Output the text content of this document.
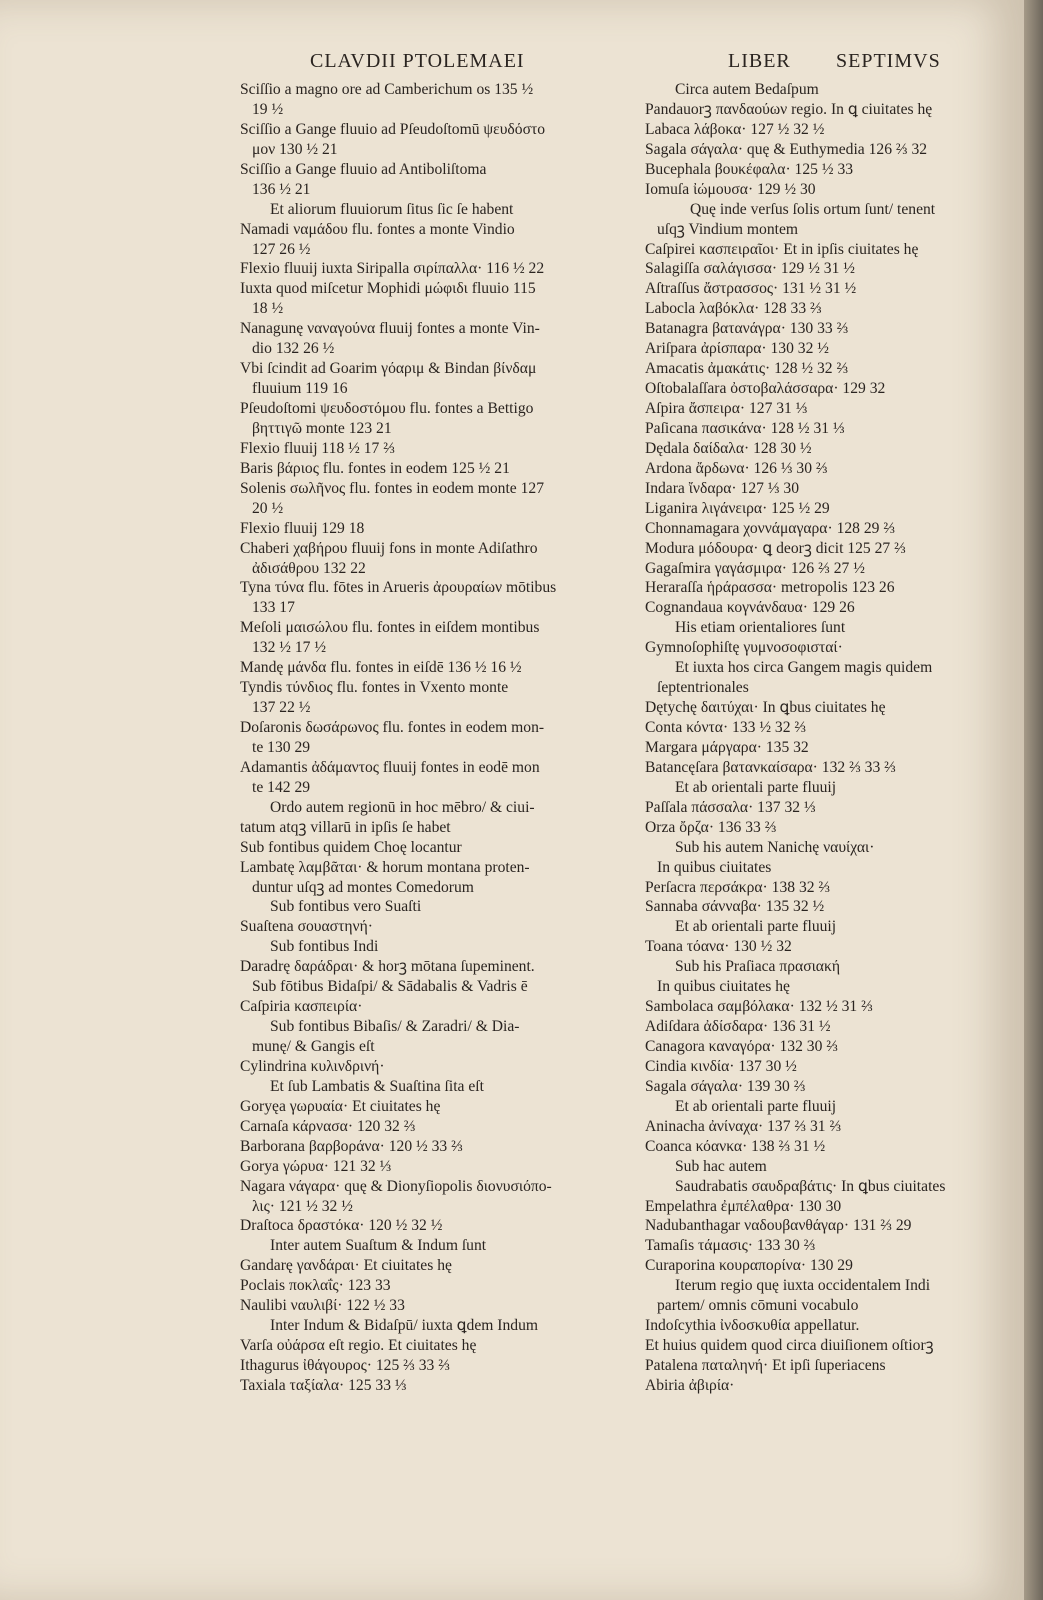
CLAVDII PTOLEMAEI	LIBER SEPTIMVS
Sciſſio a magno ore ad Camberichum os 135 ½
19 ½
Sciſſio a Gange fluuio ad Pſeudoſtomū ψευδόστο
μον 130 ½ 21
Sciſſio a Gange fluuio ad Antiboliſtoma
136 ½ 21
Et aliorum fluuiorum ſitus ſic ſe habent
Namadi ναμάδου flu. fontes a monte Vindio
127 26 ½
Flexio fluuij iuxta Siripalla σιρίπαλλα· 116 ½ 22
Iuxta quod miſcetur Mophidi μώφιδι fluuio 115
18 ½
Nanagunę ναναγούνα fluuij fontes a monte Vin-
dio 132 26 ½
Vbi ſcindit ad Goarim γόαριμ & Bindan βίνδαμ
fluuium 119 16
Pſeudoſtomi ψευδοστόμου flu. fontes a Bettigo
βηττιγῶ monte 123 21
Flexio fluuij 118 ½ 17 ⅔
Baris βάριος flu. fontes in eodem 125 ½ 21
Solenis σωλῆνος flu. fontes in eodem monte 127
20 ½
Flexio fluuij 129 18
Chaberi χαβήρου fluuij fons in monte Adiſathro
ἀδισάθρου 132 22
Tyna τύνα flu. fōtes in Arueris ἀρουραίων mōtibus
133 17
Meſoli μαισώλου flu. fontes in eiſdem montibus
132 ½ 17 ½
Mandę μάνδα flu. fontes in eiſdē 136 ½ 16 ½
Tyndis τύνδιος flu. fontes in Vxento monte
137 22 ½
Doſaronis δωσάρωνος flu. fontes in eodem mon-
te 130 29
Adamantis ἀδάμαντος fluuij fontes in eodē mon
te 142 29
Ordo autem regionū in hoc mēbro/ & ciui-
tatum atqꝫ villarū in ipſis ſe habet
Sub fontibus quidem Choę locantur
Lambatę λαμβᾶται· & horum montana proten-
duntur uſqꝫ ad montes Comedorum
Sub fontibus vero Suaſti
Suaſtena σουαστηνή·
Sub fontibus Indi
Daradrę δαράδραι· & horꝫ mōtana ſupeminent.
Sub fōtibus Bidaſpi/ & Sādabalis & Vadris ē
Caſpiria κασπειρία·
Sub fontibus Bibaſis/ & Zaradri/ & Dia-
munę/ & Gangis eſt
Cylindrina κυλινδρινή·
Et ſub Lambatis & Suaſtina ſita eſt
Goryęa γωρυαία· Et ciuitates hę
Carnaſa κάρνασα· 120 32 ⅔
Barborana βαρβοράνα· 120 ½ 33 ⅔
Gorya γώρυα· 121 32 ⅓
Nagara νάγαρα· quę & Dionyſiopolis διονυσιόπο-
λις· 121 ½ 32 ½
Draſtoca δραστόκα· 120 ½ 32 ½
Inter autem Suaſtum & Indum ſunt
Gandarę γανδάραι· Et ciuitates hę
Poclais ποκλαΐς· 123 33
Naulibi ναυλιβί· 122 ½ 33
Inter Indum & Bidaſpū/ iuxta ꝗdem Indum
Varſa οὐάρσα eſt regio. Et ciuitates hę
Ithagurus ἰθάγουρος· 125 ⅔ 33 ⅔
Taxiala ταξίαλα· 125 33 ⅓
Circa autem Bedaſpum
Pandauorꝫ πανδαούων regio. In ꝗ ciuitates hę
Labaca λάβοκα· 127 ½ 32 ½
Sagala σάγαλα· quę & Euthymedia 126 ⅔ 32
Bucephala βουκέφαλα· 125 ½ 33
Iomuſa ἰώμουσα· 129 ½ 30
Quę inde verſus ſolis ortum ſunt/ tenent
uſqꝫ Vindium montem
Caſpirei κασπειραῖοι· Et in ipſis ciuitates hę
Salagiſſa σαλάγισσα· 129 ½ 31 ½
Aſtraſſus ἄστρασσος· 131 ½ 31 ½
Labocla λαβόκλα· 128 33 ⅔
Batanagra βατανάγρα· 130 33 ⅔
Ariſpara ἀρίσπαρα· 130 32 ½
Amacatis ἀμακάτις· 128 ½ 32 ⅔
Oſtobalaſſara ὀστοβαλάσσαρα· 129 32
Aſpira ἄσπειρα· 127 31 ⅓
Paſicana πασικάνα· 128 ½ 31 ⅓
Dędala δαίδαλα· 128 30 ½
Ardona ἄρδωνα· 126 ⅓ 30 ⅔
Indara ἴνδαρα· 127 ⅓ 30
Liganira λιγάνειρα· 125 ½ 29
Chonnamagara χοννάμαγαρα· 128 29 ⅔
Modura μόδουρα· ꝗ deorꝫ dicit 125 27 ⅔
Gagaſmira γαγάσμιρα· 126 ⅔ 27 ½
Heraraſſa ἡράρασσα· metropolis 123 26
Cognandaua κογνάνδαυα· 129 26
His etiam orientaliores ſunt
Gymnoſophiſtę γυμνοσοφισταί·
Et iuxta hos circa Gangem magis quidem
ſeptentrionales
Dętychę δαιτύχαι· In ꝗbus ciuitates hę
Conta κόντα· 133 ½ 32 ⅔
Margara μάργαρα· 135 32
Batancęſara βατανκαίσαρα· 132 ⅔ 33 ⅔
Et ab orientali parte fluuij
Paſſala πάσσαλα· 137 32 ⅓
Orza ὄρζα· 136 33 ⅔
Sub his autem Nanichę ναυίχαι·
In quibus ciuitates
Perſacra περσάκρα· 138 32 ⅔
Sannaba σάνναβα· 135 32 ½
Et ab orientali parte fluuij
Toana τόανα· 130 ½ 32
Sub his Praſiaca πρασιακή
In quibus ciuitates hę
Sambolaca σαμβόλακα· 132 ½ 31 ⅔
Adiſdara ἀδίσδαρα· 136 31 ½
Canagora καναγόρα· 132 30 ⅔
Cindia κινδία· 137 30 ½
Sagala σάγαλα· 139 30 ⅔
Et ab orientali parte fluuij
Aninacha ἀνίναχα· 137 ⅔ 31 ⅔
Coanca κόανκα· 138 ⅔ 31 ½
Sub hac autem
Saudrabatis σαυδραβάτις· In ꝗbus ciuitates
Empelathra ἐμπέλαθρα· 130 30
Nadubanthagar ναδουβανθάγαρ· 131 ⅔ 29
Tamaſis τάμασις· 133 30 ⅔
Curaporina κουραπορίνα· 130 29
Iterum regio quę iuxta occidentalem Indi
partem/ omnis cōmuni vocabulo
Indoſcythia ἰνδοσκυθία appellatur.
Et huius quidem quod circa diuiſionem oſtiorꝫ
Patalena παταληνή· Et ipſi ſuperiacens
Abiria ἀβιρία·
